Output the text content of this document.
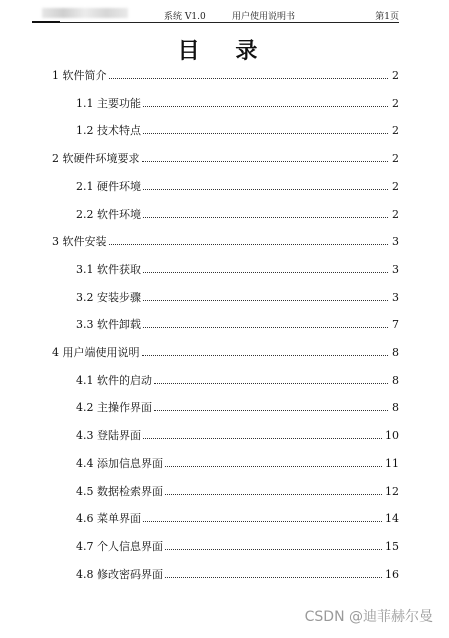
系统 V1.0	用户使用说明书	第1页
目 录
1 软件简介	2
1.1 主要功能	2
1.2 技术特点	2
2 软硬件环境要求	2
2.1 硬件环境	2
2.2 软件环境	2
3 软件安装	3
3.1 软件获取	3
3.2 安装步骤	3
3.3 软件卸载	7
4 用户端使用说明	8
4.1 软件的启动	8
4.2 主操作界面	8
4.3 登陆界面	10
4.4 添加信息界面	11
4.5 数据检索界面	12
4.6 菜单界面	14
4.7 个人信息界面	15
4.8 修改密码界面	16
CSDN @迪菲赫尔曼
